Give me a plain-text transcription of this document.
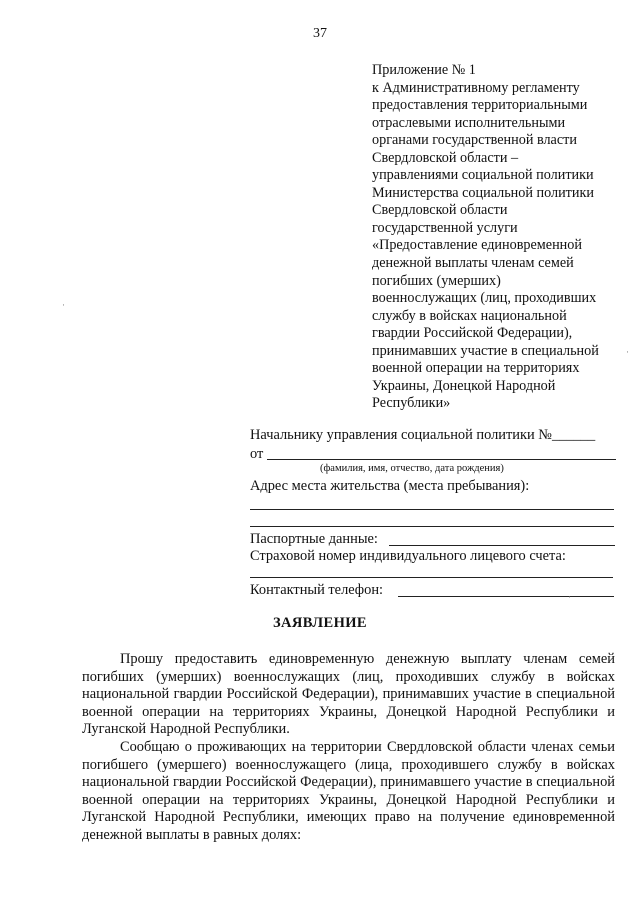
37
Приложение № 1
к Административному регламенту
предоставления территориальными
отраслевыми исполнительными
органами государственной власти
Свердловской области –
управлениями социальной политики
Министерства социальной политики
Свердловской области
государственной услуги
«Предоставление единовременной
денежной выплаты членам семей
погибших (умерших)
военнослужащих (лиц, проходивших
службу в войсках национальной
гвардии Российской Федерации),
принимавших участие в специальной
военной операции на территориях
Украины, Донецкой Народной
Республики»
Начальнику управления социальной политики №______
от
(фамилия, имя, отчество, дата рождения)
Адрес места жительства (места пребывания):
Паспортные данные:
Страховой номер индивидуального лицевого счета:
Контактный телефон:
ЗАЯВЛЕНИЕ

Прошу предоставить единовременную денежную выплату членам семей погибших (умерших) военнослужащих (лиц, проходивших службу в войсках национальной гвардии Российской Федерации), принимавших участие в специальной военной операции на территориях Украины, Донецкой Народной Республики и Луганской Народной Республики.

Сообщаю о проживающих на территории Свердловской области членах семьи погибшего (умершего) военнослужащего (лица, проходившего службу в войсках национальной гвардии Российской Федерации), принимавшего участие в специальной военной операции на территориях Украины, Донецкой Народной Республики и Луганской Народной Республики, имеющих право на получение единовременной денежной выплаты в равных долях:

·
·
·
